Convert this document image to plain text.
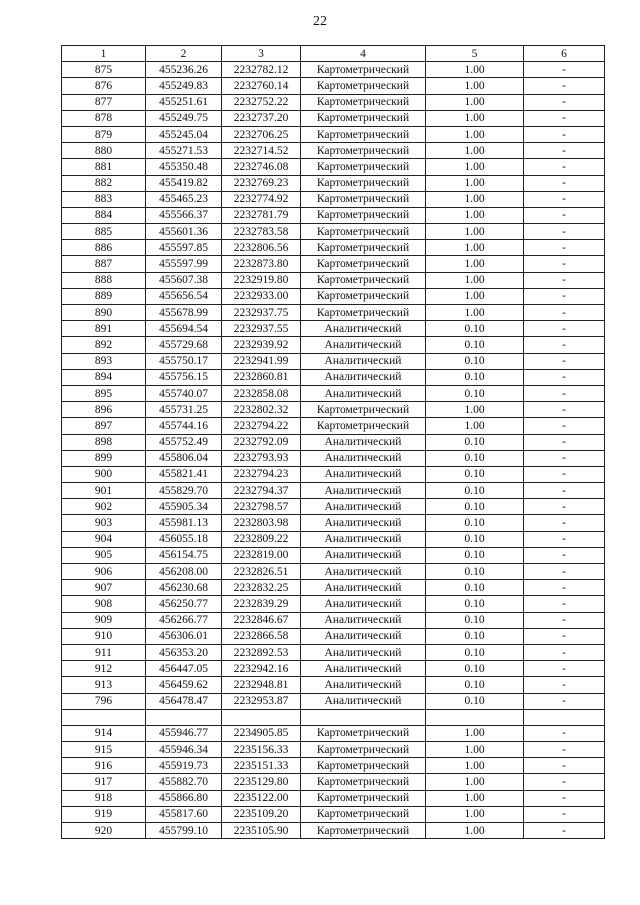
22
1	2	3	4	5	6
875	455236.26	2232782.12	Картометрический	1.00	-
876	455249.83	2232760.14	Картометрический	1.00	-
877	455251.61	2232752.22	Картометрический	1.00	-
878	455249.75	2232737.20	Картометрический	1.00	-
879	455245.04	2232706.25	Картометрический	1.00	-
880	455271.53	2232714.52	Картометрический	1.00	-
881	455350.48	2232746.08	Картометрический	1.00	-
882	455419.82	2232769.23	Картометрический	1.00	-
883	455465.23	2232774.92	Картометрический	1.00	-
884	455566.37	2232781.79	Картометрический	1.00	-
885	455601.36	2232783.58	Картометрический	1.00	-
886	455597.85	2232806.56	Картометрический	1.00	-
887	455597.99	2232873.80	Картометрический	1.00	-
888	455607.38	2232919.80	Картометрический	1.00	-
889	455656.54	2232933.00	Картометрический	1.00	-
890	455678.99	2232937.75	Картометрический	1.00	-
891	455694.54	2232937.55	Аналитический	0.10	-
892	455729.68	2232939.92	Аналитический	0.10	-
893	455750.17	2232941.99	Аналитический	0.10	-
894	455756.15	2232860.81	Аналитический	0.10	-
895	455740.07	2232858.08	Аналитический	0.10	-
896	455731.25	2232802.32	Картометрический	1.00	-
897	455744.16	2232794.22	Картометрический	1.00	-
898	455752.49	2232792.09	Аналитический	0.10	-
899	455806.04	2232793.93	Аналитический	0.10	-
900	455821.41	2232794.23	Аналитический	0.10	-
901	455829.70	2232794.37	Аналитический	0.10	-
902	455905.34	2232798.57	Аналитический	0.10	-
903	455981.13	2232803.98	Аналитический	0.10	-
904	456055.18	2232809.22	Аналитический	0.10	-
905	456154.75	2232819.00	Аналитический	0.10	-
906	456208.00	2232826.51	Аналитический	0.10	-
907	456230.68	2232832.25	Аналитический	0.10	-
908	456250.77	2232839.29	Аналитический	0.10	-
909	456266.77	2232846.67	Аналитический	0.10	-
910	456306.01	2232866.58	Аналитический	0.10	-
911	456353.20	2232892.53	Аналитический	0.10	-
912	456447.05	2232942.16	Аналитический	0.10	-
913	456459.62	2232948.81	Аналитический	0.10	-
796	456478.47	2232953.87	Аналитический	0.10	-

914	455946.77	2234905.85	Картометрический	1.00	-
915	455946.34	2235156.33	Картометрический	1.00	-
916	455919.73	2235151.33	Картометрический	1.00	-
917	455882.70	2235129.80	Картометрический	1.00	-
918	455866.80	2235122.00	Картометрический	1.00	-
919	455817.60	2235109.20	Картометрический	1.00	-
920	455799.10	2235105.90	Картометрический	1.00	-
